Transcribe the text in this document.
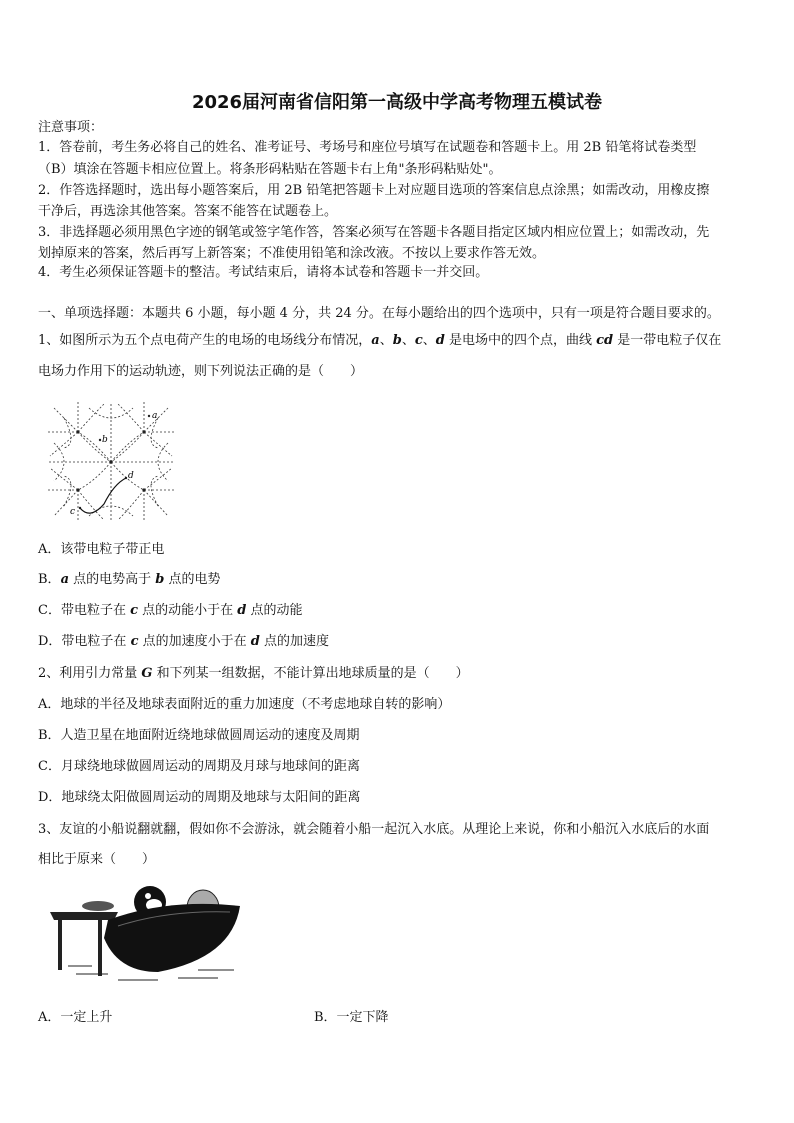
2026届河南省信阳第一高级中学高考物理五模试卷
注意事项：
1．答卷前，考生务必将自己的姓名、准考证号、考场号和座位号填写在试题卷和答题卡上。用 2B 铅笔将试卷类型
（B）填涂在答题卡相应位置上。将条形码粘贴在答题卡右上角"条形码粘贴处"。
2．作答选择题时，选出每小题答案后，用 2B 铅笔把答题卡上对应题目选项的答案信息点涂黑；如需改动，用橡皮擦
干净后，再选涂其他答案。答案不能答在试题卷上。
3．非选择题必须用黑色字迹的钢笔或签字笔作答，答案必须写在答题卡各题目指定区域内相应位置上；如需改动，先
划掉原来的答案，然后再写上新答案；不准使用铅笔和涂改液。不按以上要求作答无效。
4．考生必须保证答题卡的整洁。考试结束后，请将本试卷和答题卡一并交回。
一、单项选择题：本题共 6 小题，每小题 4 分，共 24 分。在每小题给出的四个选项中，只有一项是符合题目要求的。
1、如图所示为五个点电荷产生的电场的电场线分布情况，a、b、c、d 是电场中的四个点，曲线 cd 是一带电粒子仅在
电场力作用下的运动轨迹，则下列说法正确的是（　　）
a
b
c
d
A．该带电粒子带正电
B．a 点的电势高于 b 点的电势
C．带电粒子在 c 点的动能小于在 d 点的动能
D．带电粒子在 c 点的加速度小于在 d 点的加速度
2、利用引力常量 G 和下列某一组数据，不能计算出地球质量的是（　　）
A．地球的半径及地球表面附近的重力加速度（不考虑地球自转的影响）
B．人造卫星在地面附近绕地球做圆周运动的速度及周期
C．月球绕地球做圆周运动的周期及月球与地球间的距离
D．地球绕太阳做圆周运动的周期及地球与太阳间的距离
3、友谊的小船说翻就翻，假如你不会游泳，就会随着小船一起沉入水底。从理论上来说，你和小船沉入水底后的水面
相比于原来（　　）
A．一定上升	B．一定下降
